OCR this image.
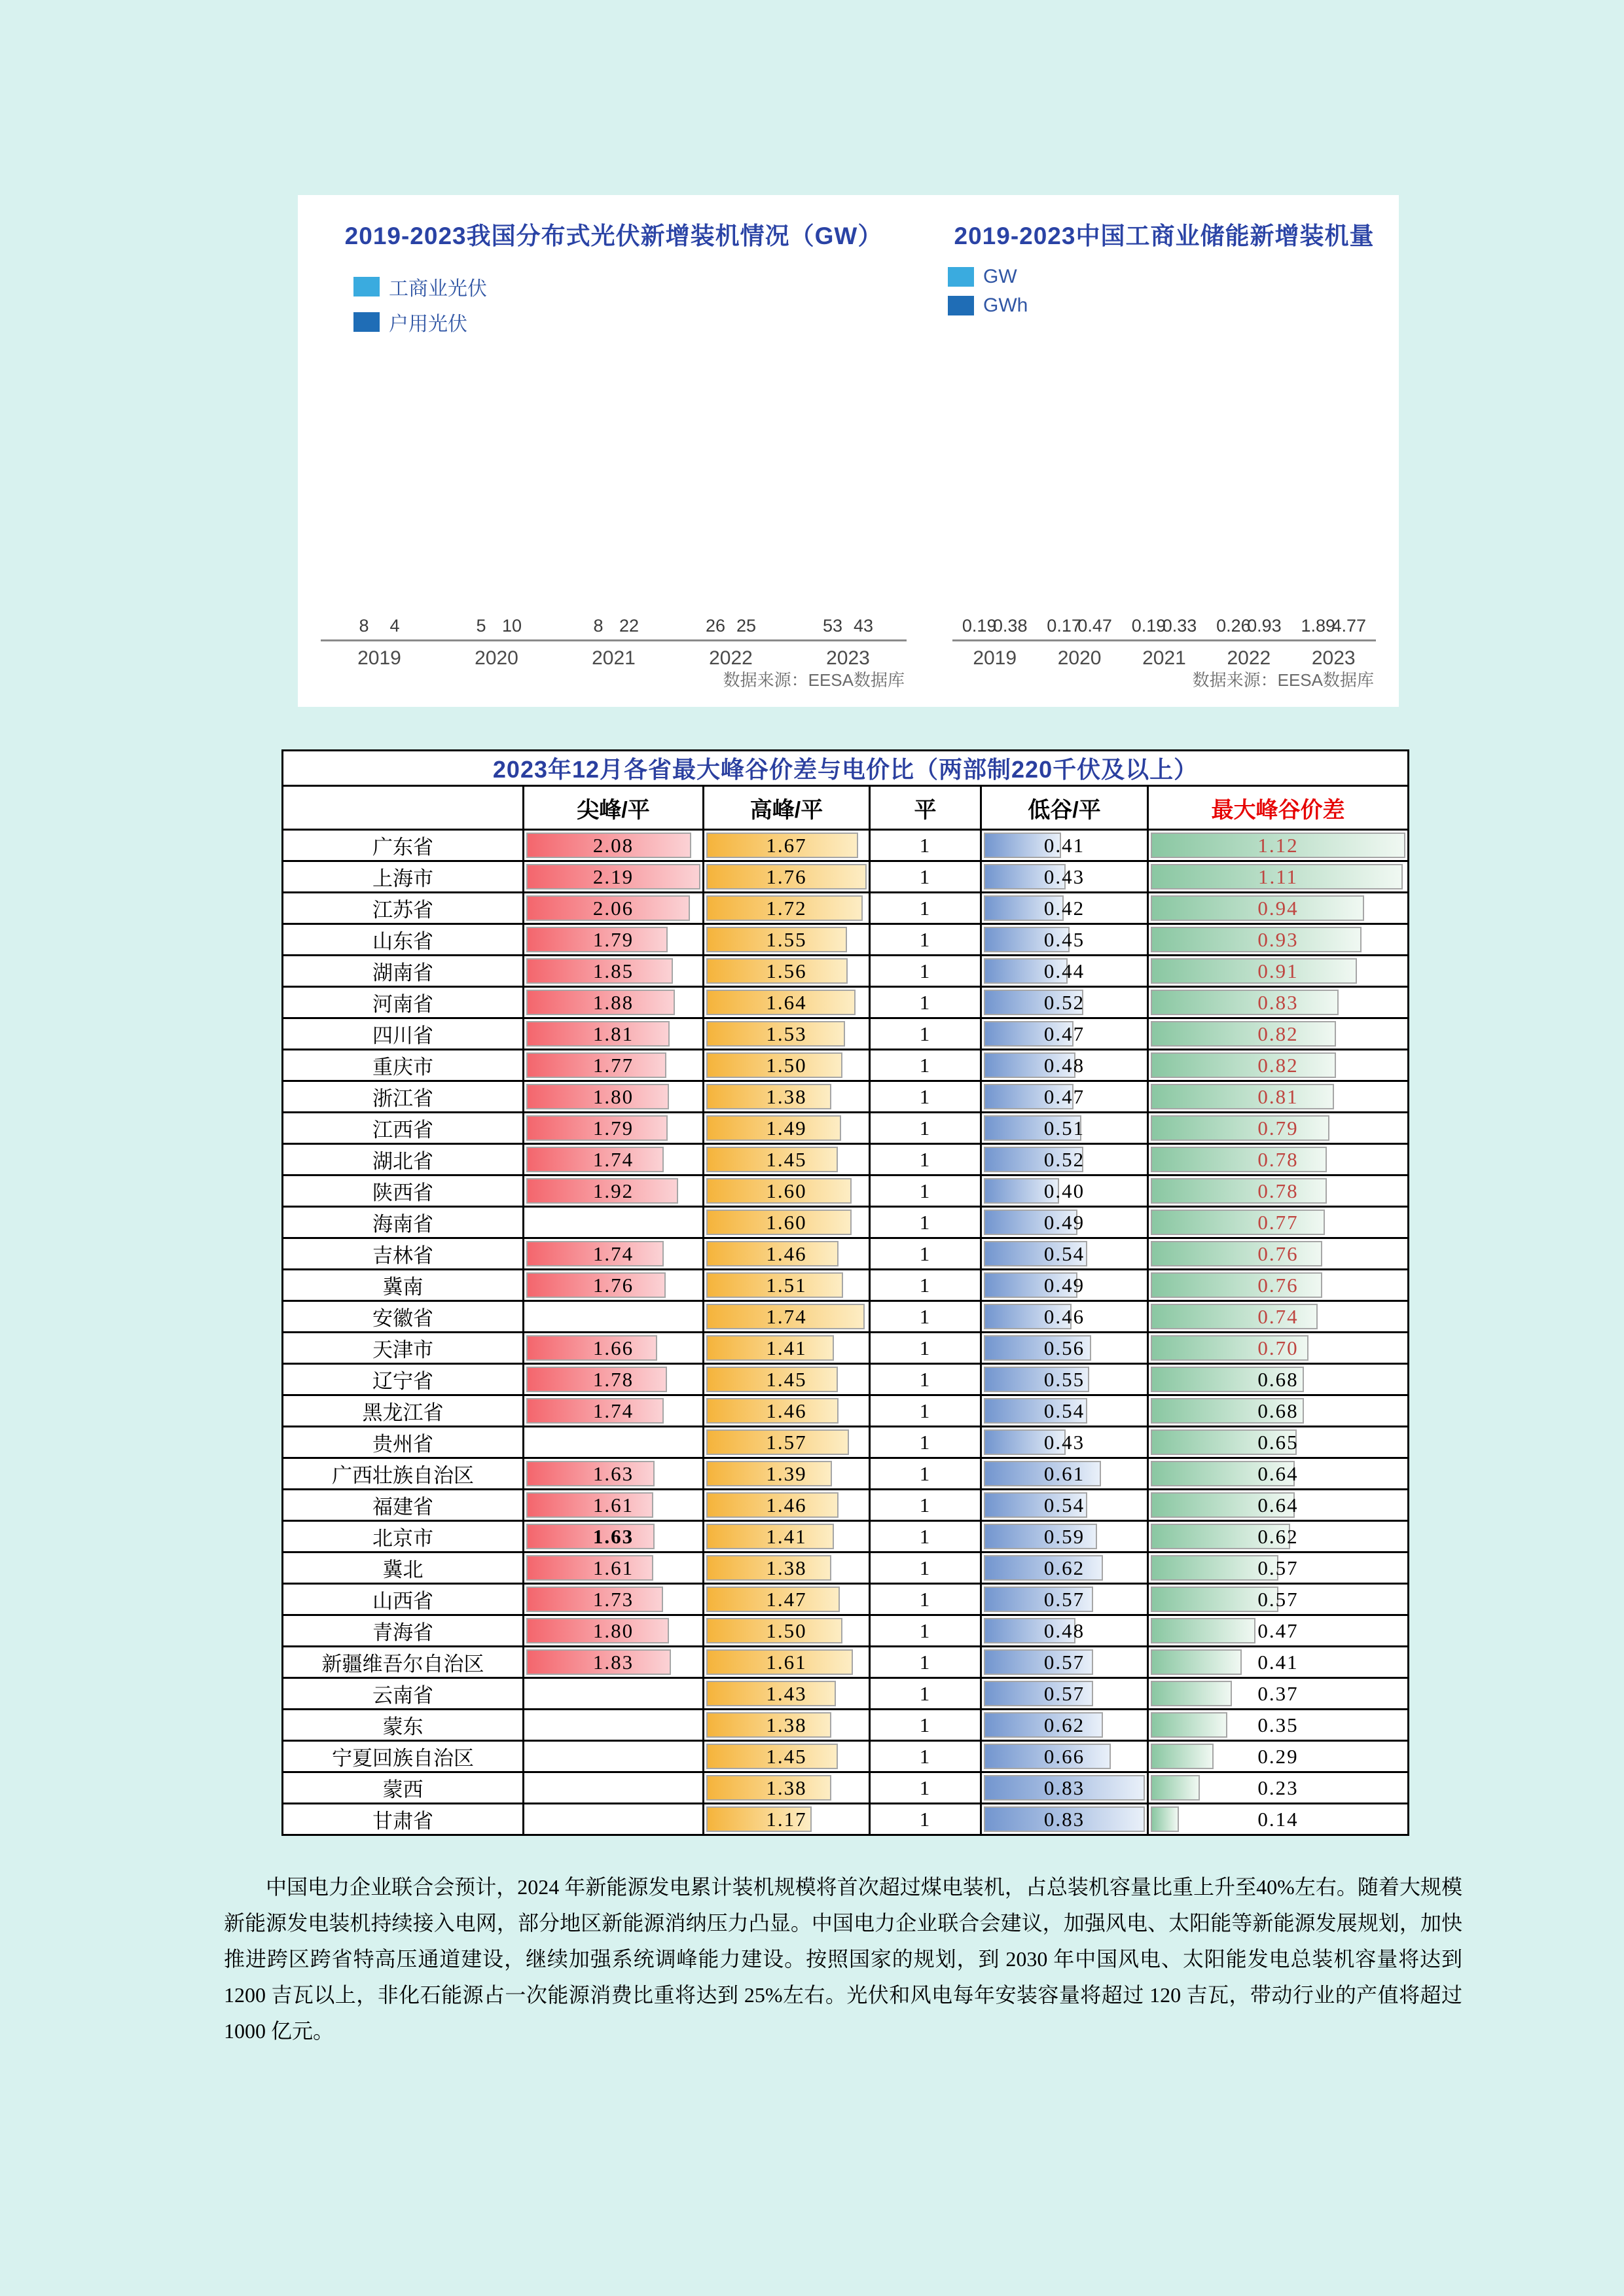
2019-2023我国分布式光伏新增装机情况（GW）
工商业光伏
户用光伏
8 4
2019
5 10
2020
8 22
2021
26 25
2022
53 43
2023
数据来源：EESA数据库
2019-2023中国工商业储能新增装机量
GW
GWh
0.19
0.38
2019
0.17
0.47
2020
0.19
0.33
2021
0.26
0.93
2022
1.89
4.77
2023
数据来源：EESA数据库
2023年12月各省最大峰谷价差与电价比（两部制220千伏及以上）					
	尖峰/平	高峰/平	平	低谷/平	最大峰谷价差
广东省	2.08	1.67	1	0.41	1.12
上海市	2.19	1.76	1	0.43	1.11
江苏省	2.06	1.72	1	0.42	0.94
山东省	1.79	1.55	1	0.45	0.93
湖南省	1.85	1.56	1	0.44	0.91
河南省	1.88	1.64	1	0.52	0.83
四川省	1.81	1.53	1	0.47	0.82
重庆市	1.77	1.50	1	0.48	0.82
浙江省	1.80	1.38	1	0.47	0.81
江西省	1.79	1.49	1	0.51	0.79
湖北省	1.74	1.45	1	0.52	0.78
陕西省	1.92	1.60	1	0.40	0.78
海南省		1.60	1	0.49	0.77
吉林省	1.74	1.46	1	0.54	0.76
冀南	1.76	1.51	1	0.49	0.76
安徽省		1.74	1	0.46	0.74
天津市	1.66	1.41	1	0.56	0.70
辽宁省	1.78	1.45	1	0.55	0.68
黑龙江省	1.74	1.46	1	0.54	0.68
贵州省		1.57	1	0.43	0.65
广西壮族自治区	1.63	1.39	1	0.61	0.64
福建省	1.61	1.46	1	0.54	0.64
北京市	1.63	1.41	1	0.59	0.62
冀北	1.61	1.38	1	0.62	0.57
山西省	1.73	1.47	1	0.57	0.57
青海省	1.80	1.50	1	0.48	0.47
新疆维吾尔自治区	1.83	1.61	1	0.57	0.41
云南省		1.43	1	0.57	0.37
蒙东		1.38	1	0.62	0.35
宁夏回族自治区		1.45	1	0.66	0.29
蒙西		1.38	1	0.83	0.23
甘肃省		1.17	1	0.83	0.14
中国电力企业联合会预计，2024 年新能源发电累计装机规模将首次超过煤电装机，占总装机容量比重上升至40%左右。随着大规模新能源发电装机持续接入电网，部分地区新能源消纳压力凸显。中国电力企业联合会建议，加强风电、太阳能等新能源发展规划，加快推进跨区跨省特高压通道建设，继续加强系统调峰能力建设。按照国家的规划，到 2030 年中国风电、太阳能发电总装机容量将达到 1200 吉瓦以上，非化石能源占一次能源消费比重将达到 25%左右。光伏和风电每年安装容量将超过 120 吉瓦，带动行业的产值将超过 1000 亿元。
